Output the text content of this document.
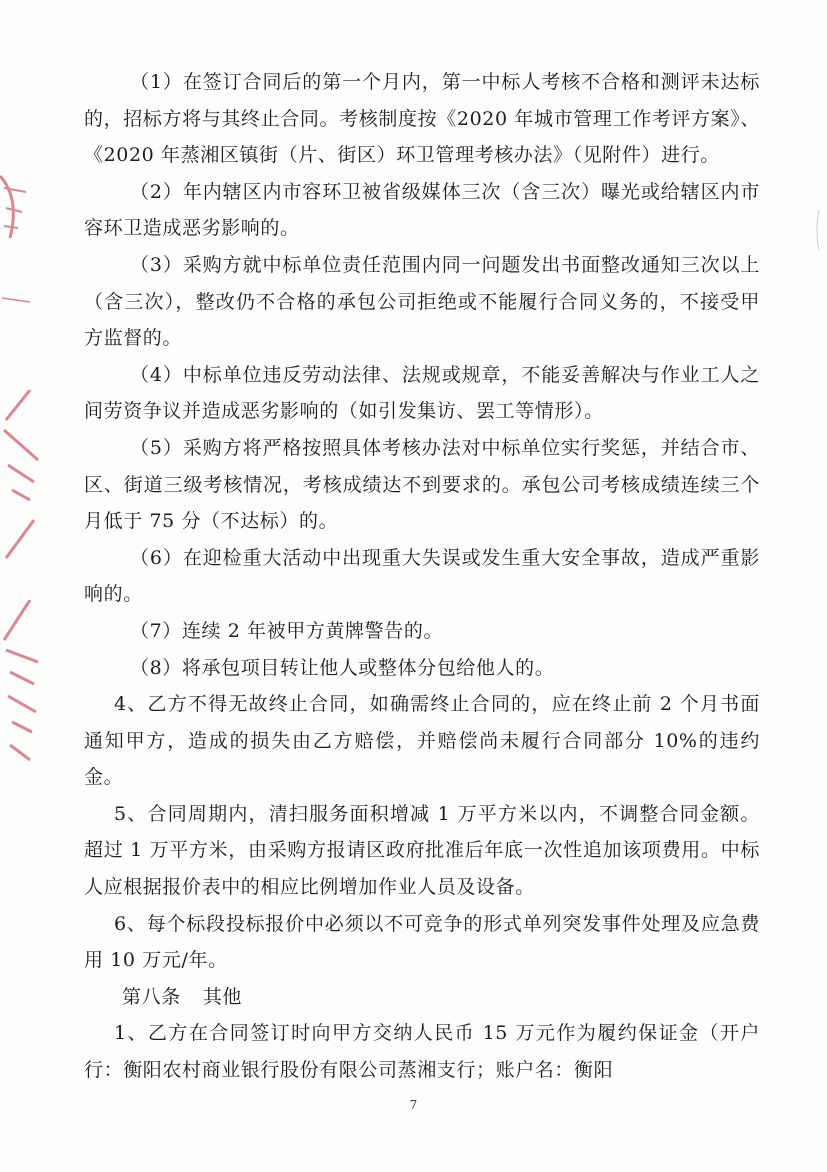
（1）在签订合同后的第一个月内，第一中标人考核不合格和测评未达标的，招标方将与其终止合同。考核制度按《2020 年城市管理工作考评方案》、《2020 年蒸湘区镇街（片、街区）环卫管理考核办法》（见附件）进行。

（2）年内辖区内市容环卫被省级媒体三次（含三次）曝光或给辖区内市容环卫造成恶劣影响的。

（3）采购方就中标单位责任范围内同一问题发出书面整改通知三次以上（含三次），整改仍不合格的承包公司拒绝或不能履行合同义务的，不接受甲方监督的。

（4）中标单位违反劳动法律、法规或规章，不能妥善解决与作业工人之间劳资争议并造成恶劣影响的（如引发集访、罢工等情形）。

（5）采购方将严格按照具体考核办法对中标单位实行奖惩，并结合市、区、街道三级考核情况，考核成绩达不到要求的。承包公司考核成绩连续三个月低于 75 分（不达标）的。

（6）在迎检重大活动中出现重大失误或发生重大安全事故，造成严重影响的。

（7）连续 2 年被甲方黄牌警告的。

（8）将承包项目转让他人或整体分包给他人的。

4、乙方不得无故终止合同，如确需终止合同的，应在终止前 2 个月书面通知甲方，造成的损失由乙方赔偿，并赔偿尚未履行合同部分 10%的违约金。

5、合同周期内，清扫服务面积增减 1 万平方米以内，不调整合同金额。超过 1 万平方米，由采购方报请区政府批准后年底一次性追加该项费用。中标人应根据报价表中的相应比例增加作业人员及设备。

6、每个标段投标报价中必须以不可竞争的形式单列突发事件处理及应急费用 10 万元/年。

第八条 其他

1、乙方在合同签订时向甲方交纳人民币 15 万元作为履约保证金（开户行：衡阳农村商业银行股份有限公司蒸湘支行；账户名：衡阳

7
